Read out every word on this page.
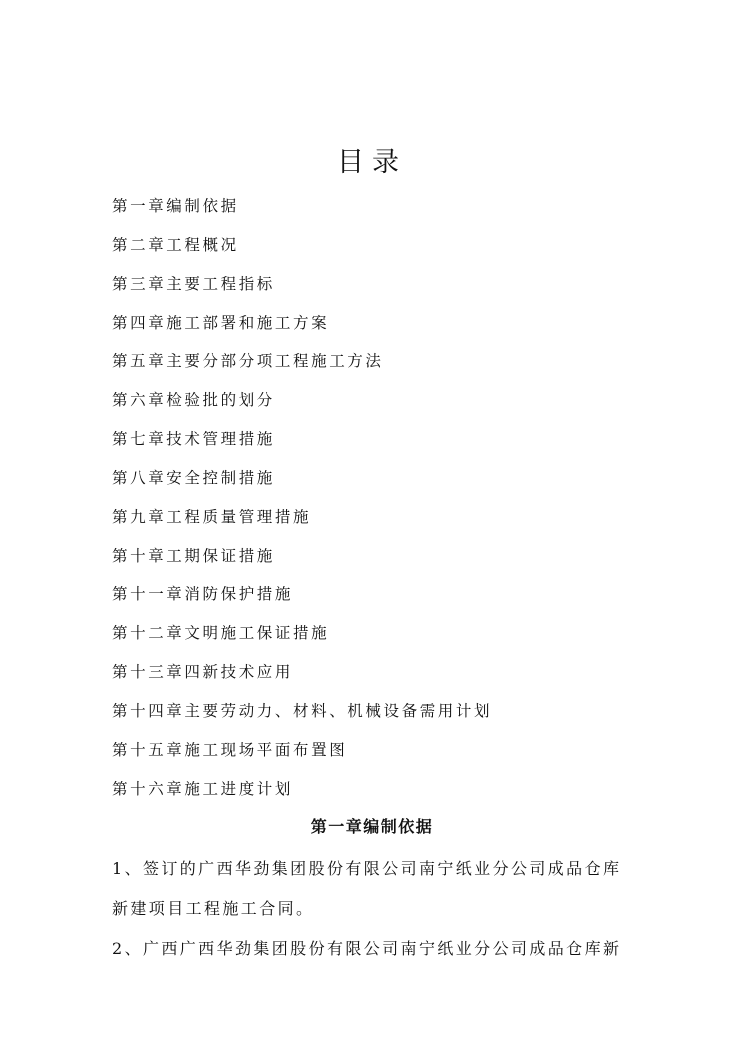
目录
第一章编制依据
第二章工程概况
第三章主要工程指标
第四章施工部署和施工方案
第五章主要分部分项工程施工方法
第六章检验批的划分
第七章技术管理措施
第八章安全控制措施
第九章工程质量管理措施
第十章工期保证措施
第十一章消防保护措施
第十二章文明施工保证措施
第十三章四新技术应用
第十四章主要劳动力、材料、机械设备需用计划
第十五章施工现场平面布置图
第十六章施工进度计划
第一章编制依据

1、签订的广西华劲集团股份有限公司南宁纸业分公司成品仓库
新建项目工程施工合同。

2、广西广西华劲集团股份有限公司南宁纸业分公司成品仓库新
